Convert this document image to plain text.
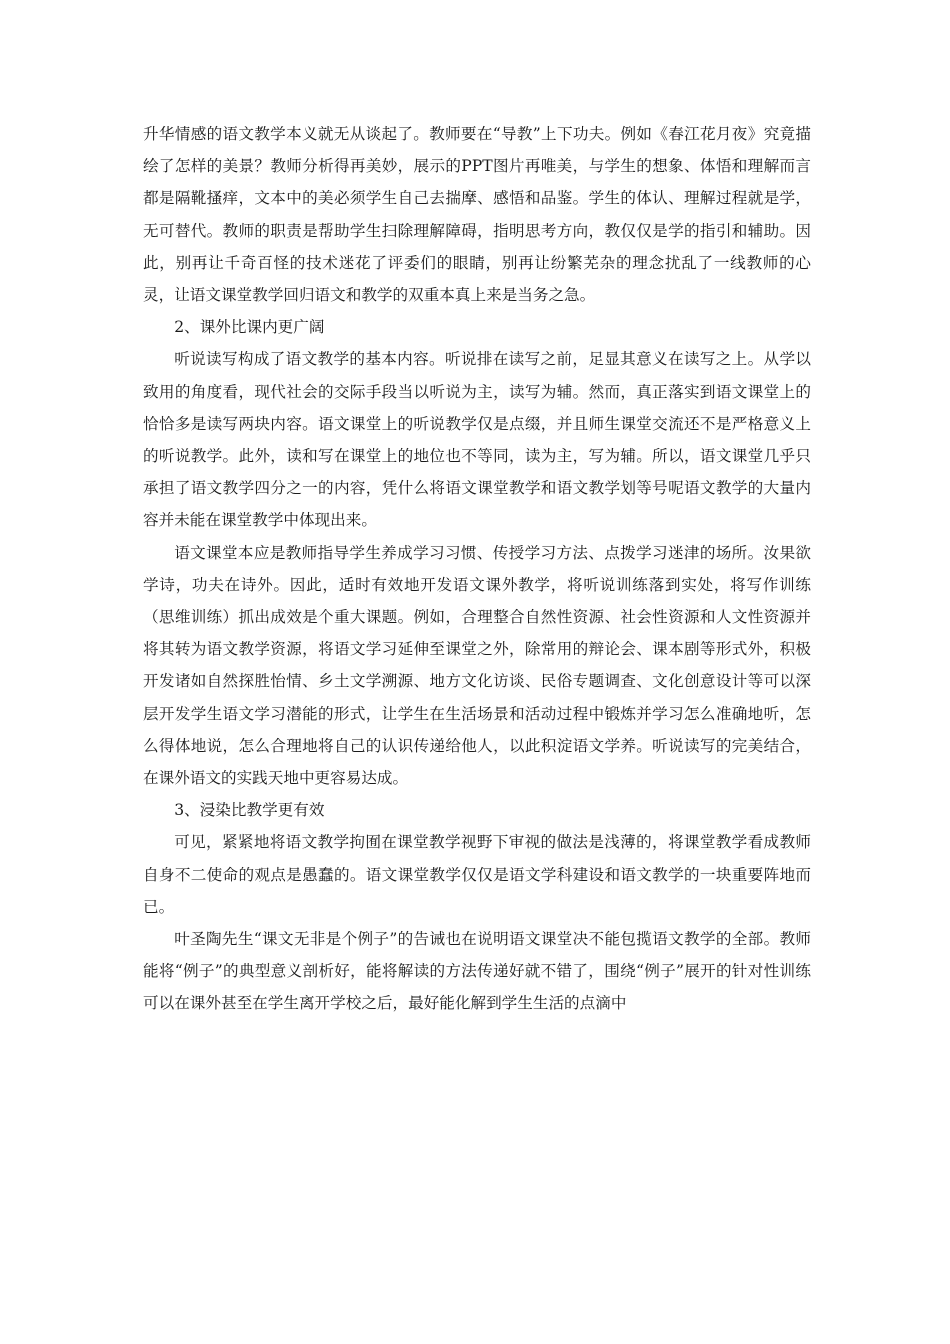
升华情感的语文教学本义就无从谈起了。教师要在“导教”上下功夫。例如《春江花月夜》究竟描绘了怎样的美景？教师分析得再美妙，展示的PPT图片再唯美，与学生的想象、体悟和理解而言都是隔靴搔痒，文本中的美必须学生自己去揣摩、感悟和品鉴。学生的体认、理解过程就是学，无可替代。教师的职责是帮助学生扫除理解障碍，指明思考方向，教仅仅是学的指引和辅助。因此，别再让千奇百怪的技术迷花了评委们的眼睛，别再让纷繁芜杂的理念扰乱了一线教师的心灵，让语文课堂教学回归语文和教学的双重本真上来是当务之急。

2、课外比课内更广阔

听说读写构成了语文教学的基本内容。听说排在读写之前，足显其意义在读写之上。从学以致用的角度看，现代社会的交际手段当以听说为主，读写为辅。然而，真正落实到语文课堂上的恰恰多是读写两块内容。语文课堂上的听说教学仅是点缀，并且师生课堂交流还不是严格意义上的听说教学。此外，读和写在课堂上的地位也不等同，读为主，写为辅。所以，语文课堂几乎只承担了语文教学四分之一的内容，凭什么将语文课堂教学和语文教学划等号呢语文教学的大量内容并未能在课堂教学中体现出来。

语文课堂本应是教师指导学生养成学习习惯、传授学习方法、点拨学习迷津的场所。汝果欲学诗，功夫在诗外。因此，适时有效地开发语文课外教学，将听说训练落到实处，将写作训练（思维训练）抓出成效是个重大课题。例如，合理整合自然性资源、社会性资源和人文性资源并将其转为语文教学资源，将语文学习延伸至课堂之外，除常用的辩论会、课本剧等形式外，积极开发诸如自然探胜怡情、乡土文学溯源、地方文化访谈、民俗专题调查、文化创意设计等可以深层开发学生语文学习潜能的形式，让学生在生活场景和活动过程中锻炼并学习怎么准确地听，怎么得体地说，怎么合理地将自己的认识传递给他人，以此积淀语文学养。听说读写的完美结合，在课外语文的实践天地中更容易达成。

3、浸染比教学更有效

可见，紧紧地将语文教学拘囿在课堂教学视野下审视的做法是浅薄的，将课堂教学看成教师自身不二使命的观点是愚蠢的。语文课堂教学仅仅是语文学科建设和语文教学的一块重要阵地而已。

叶圣陶先生“课文无非是个例子”的告诫也在说明语文课堂决不能包揽语文教学的全部。教师能将“例子”的典型意义剖析好，能将解读的方法传递好就不错了，围绕“例子”展开的针对性训练可以在课外甚至在学生离开学校之后，最好能化解到学生生活的点滴中
